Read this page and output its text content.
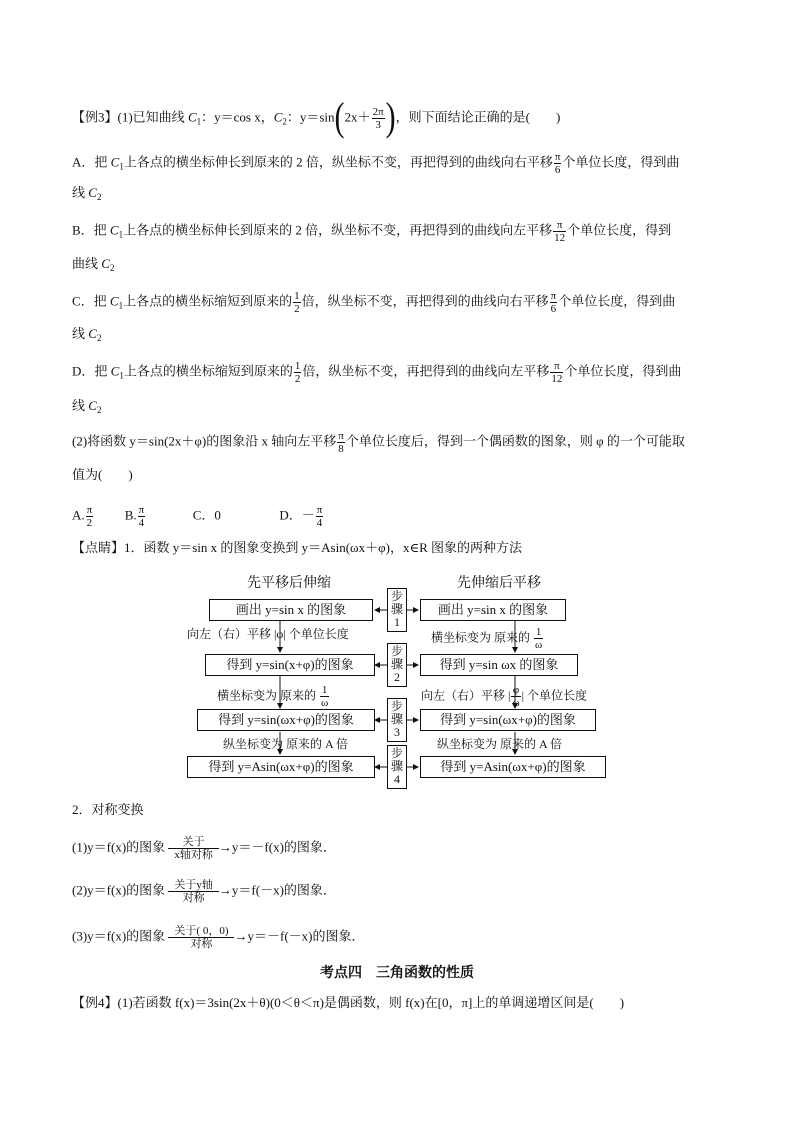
【例3】(1)已知曲线 $C_1$：y＝cos x，$C_2$：$y=\sin(2x+ \frac{2\pi}{3}$ )，则下面结论正确的是(　　)
A．把 $C_1$上各点的横坐标伸长到原来的 2 倍，纵坐标不变，再把得到的曲线向右平移 $\frac{\pi}{6}$ 个单位长度，得到曲
线 $C_2$
B．把 $C_1$上各点的横坐标伸长到原来的 2 倍，纵坐标不变，再把得到的曲线向左平移 $\frac{\pi}{12}$ 个单位长度，得到
曲线 $C_2$
C．把 $C_1$上各点的横坐标缩短到原来的 $\frac{1}{2}$ 倍，纵坐标不变，再把得到的曲线向右平移 $\frac{\pi}{6}$ 个单位长度，得到曲
线 $C_2$
D．把 $C_1$上各点的横坐标缩短到原来的 $\frac{1}{2}$ 倍，纵坐标不变，再把得到的曲线向左平移 $\frac{\pi}{12}$ 个单位长度，得到曲
线 $C_2$
(2)将函数 y＝sin(2x＋φ)的图象沿 x 轴向左平移 $\frac{\pi}{8}$ 个单位长度后，得到一个偶函数的图象，则 φ 的一个可能取
值为(　　)
A. $\frac{\pi}{2} B$. $\frac{\pi}{4}$	C．0	D．－ $\frac{\pi}{4}$
【点睛】1．函数 y＝sin x 的图象变换到 y＝Asin(ωx＋φ)，x∈R 图象的两种方法
先平移后伸缩	先伸缩后平移
画出 y=sin x 的图象
得到 y=sin(x+φ)的图象
得到 y=sin(ωx+φ)的图象
得到 y=Asin(ωx+φ)的图象
画出 y=sin x 的图象
得到 y=sin ωx 的图象
得到 y=sin(ωx+φ)的图象
得到 y=Asin(ωx+φ)的图象
步
骤
1
步
骤
2
步
骤
3
步
骤
4
向左（右）平移 |φ| 个单位长度
横坐标变为 原来的 $\frac{1}{\omega}$
纵坐标变为 原来的 A 倍
横坐标变为 原来的 $\frac{1}{\omega}$
向左（右）平移 | $\frac{\varphi}{\omega}$ | 个单位长度
纵坐标变为 原来的 A 倍
2．对称变换
(1)y＝f(x)的图象	关于
x轴对称
→y＝－f(x)的图象．
(2)y＝f(x)的图象 关于y轴
对称
→y＝f(－x)的图象．
(3)y＝f(x)的图象 关于( 0，0)
对称
→y＝－f(－x)的图象．
考点四　三角函数的性质
【例4】(1)若函数 f(x)＝3sin(2x＋θ)(0＜θ＜π)是偶函数，则 f(x)在[0，π]上的单调递增区间是(　　)
